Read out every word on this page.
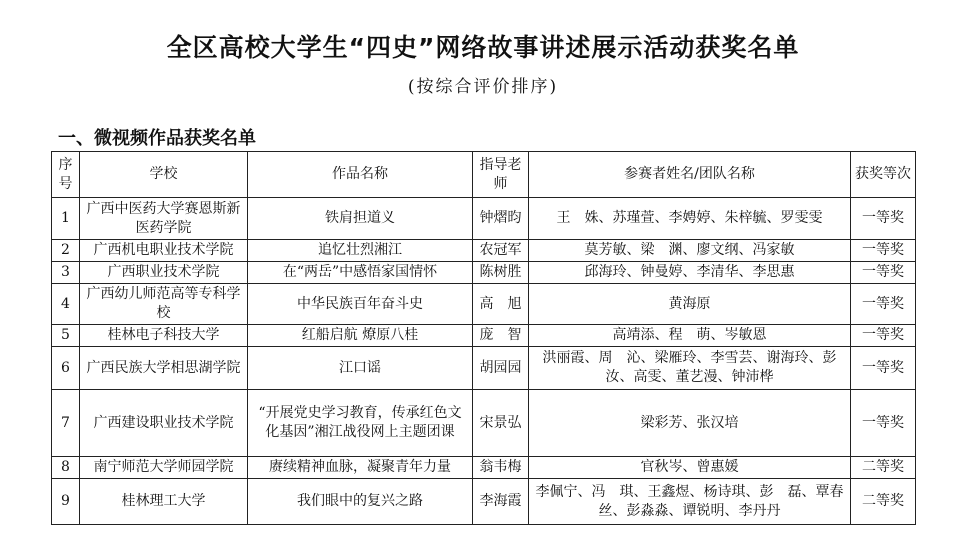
全区高校大学生“四史”网络故事讲述展示活动获奖名单
(按综合评价排序)
一、微视频作品获奖名单
序号	学校	作品名称	指导老师	参赛者姓名/团队名称	获奖等次
1	广西中医药大学赛恩斯新医药学院	铁肩担道义	钟熠昀	王　姝、苏瑾萱、李娉婷、朱梓毓、罗雯雯	一等奖
2	广西机电职业技术学院	追忆壮烈湘江	农冠军	莫芳敏、梁　渊、廖文纲、冯家敏	一等奖
3	广西职业技术学院	在“两岳”中感悟家国情怀	陈树胜	邱海玲、钟曼婷、李清华、李思惠	一等奖
4	广西幼儿师范高等专科学校	中华民族百年奋斗史	高　旭	黄海原	一等奖
5	桂林电子科技大学	红船启航 燎原八桂	庞　智	高靖添、程　萌、岑敏恩	一等奖
6	广西民族大学相思湖学院	江口谣	胡园园	洪丽霞、周　沁、梁雁玲、李雪芸、谢海玲、彭汝、高雯、董艺漫、钟沛桦	一等奖
7	广西建设职业技术学院	“开展党史学习教育，传承红色文化基因”湘江战役网上主题团课	宋景弘	梁彩芳、张汉培	一等奖
8	南宁师范大学师园学院	赓续精神血脉，凝聚青年力量	翁韦梅	官秋岑、曾惠媛	二等奖
9	桂林理工大学	我们眼中的复兴之路	李海霞	李佩宁、冯　琪、王鑫煜、杨诗琪、彭　磊、覃春丝、彭淼淼、谭锐明、李丹丹	二等奖
